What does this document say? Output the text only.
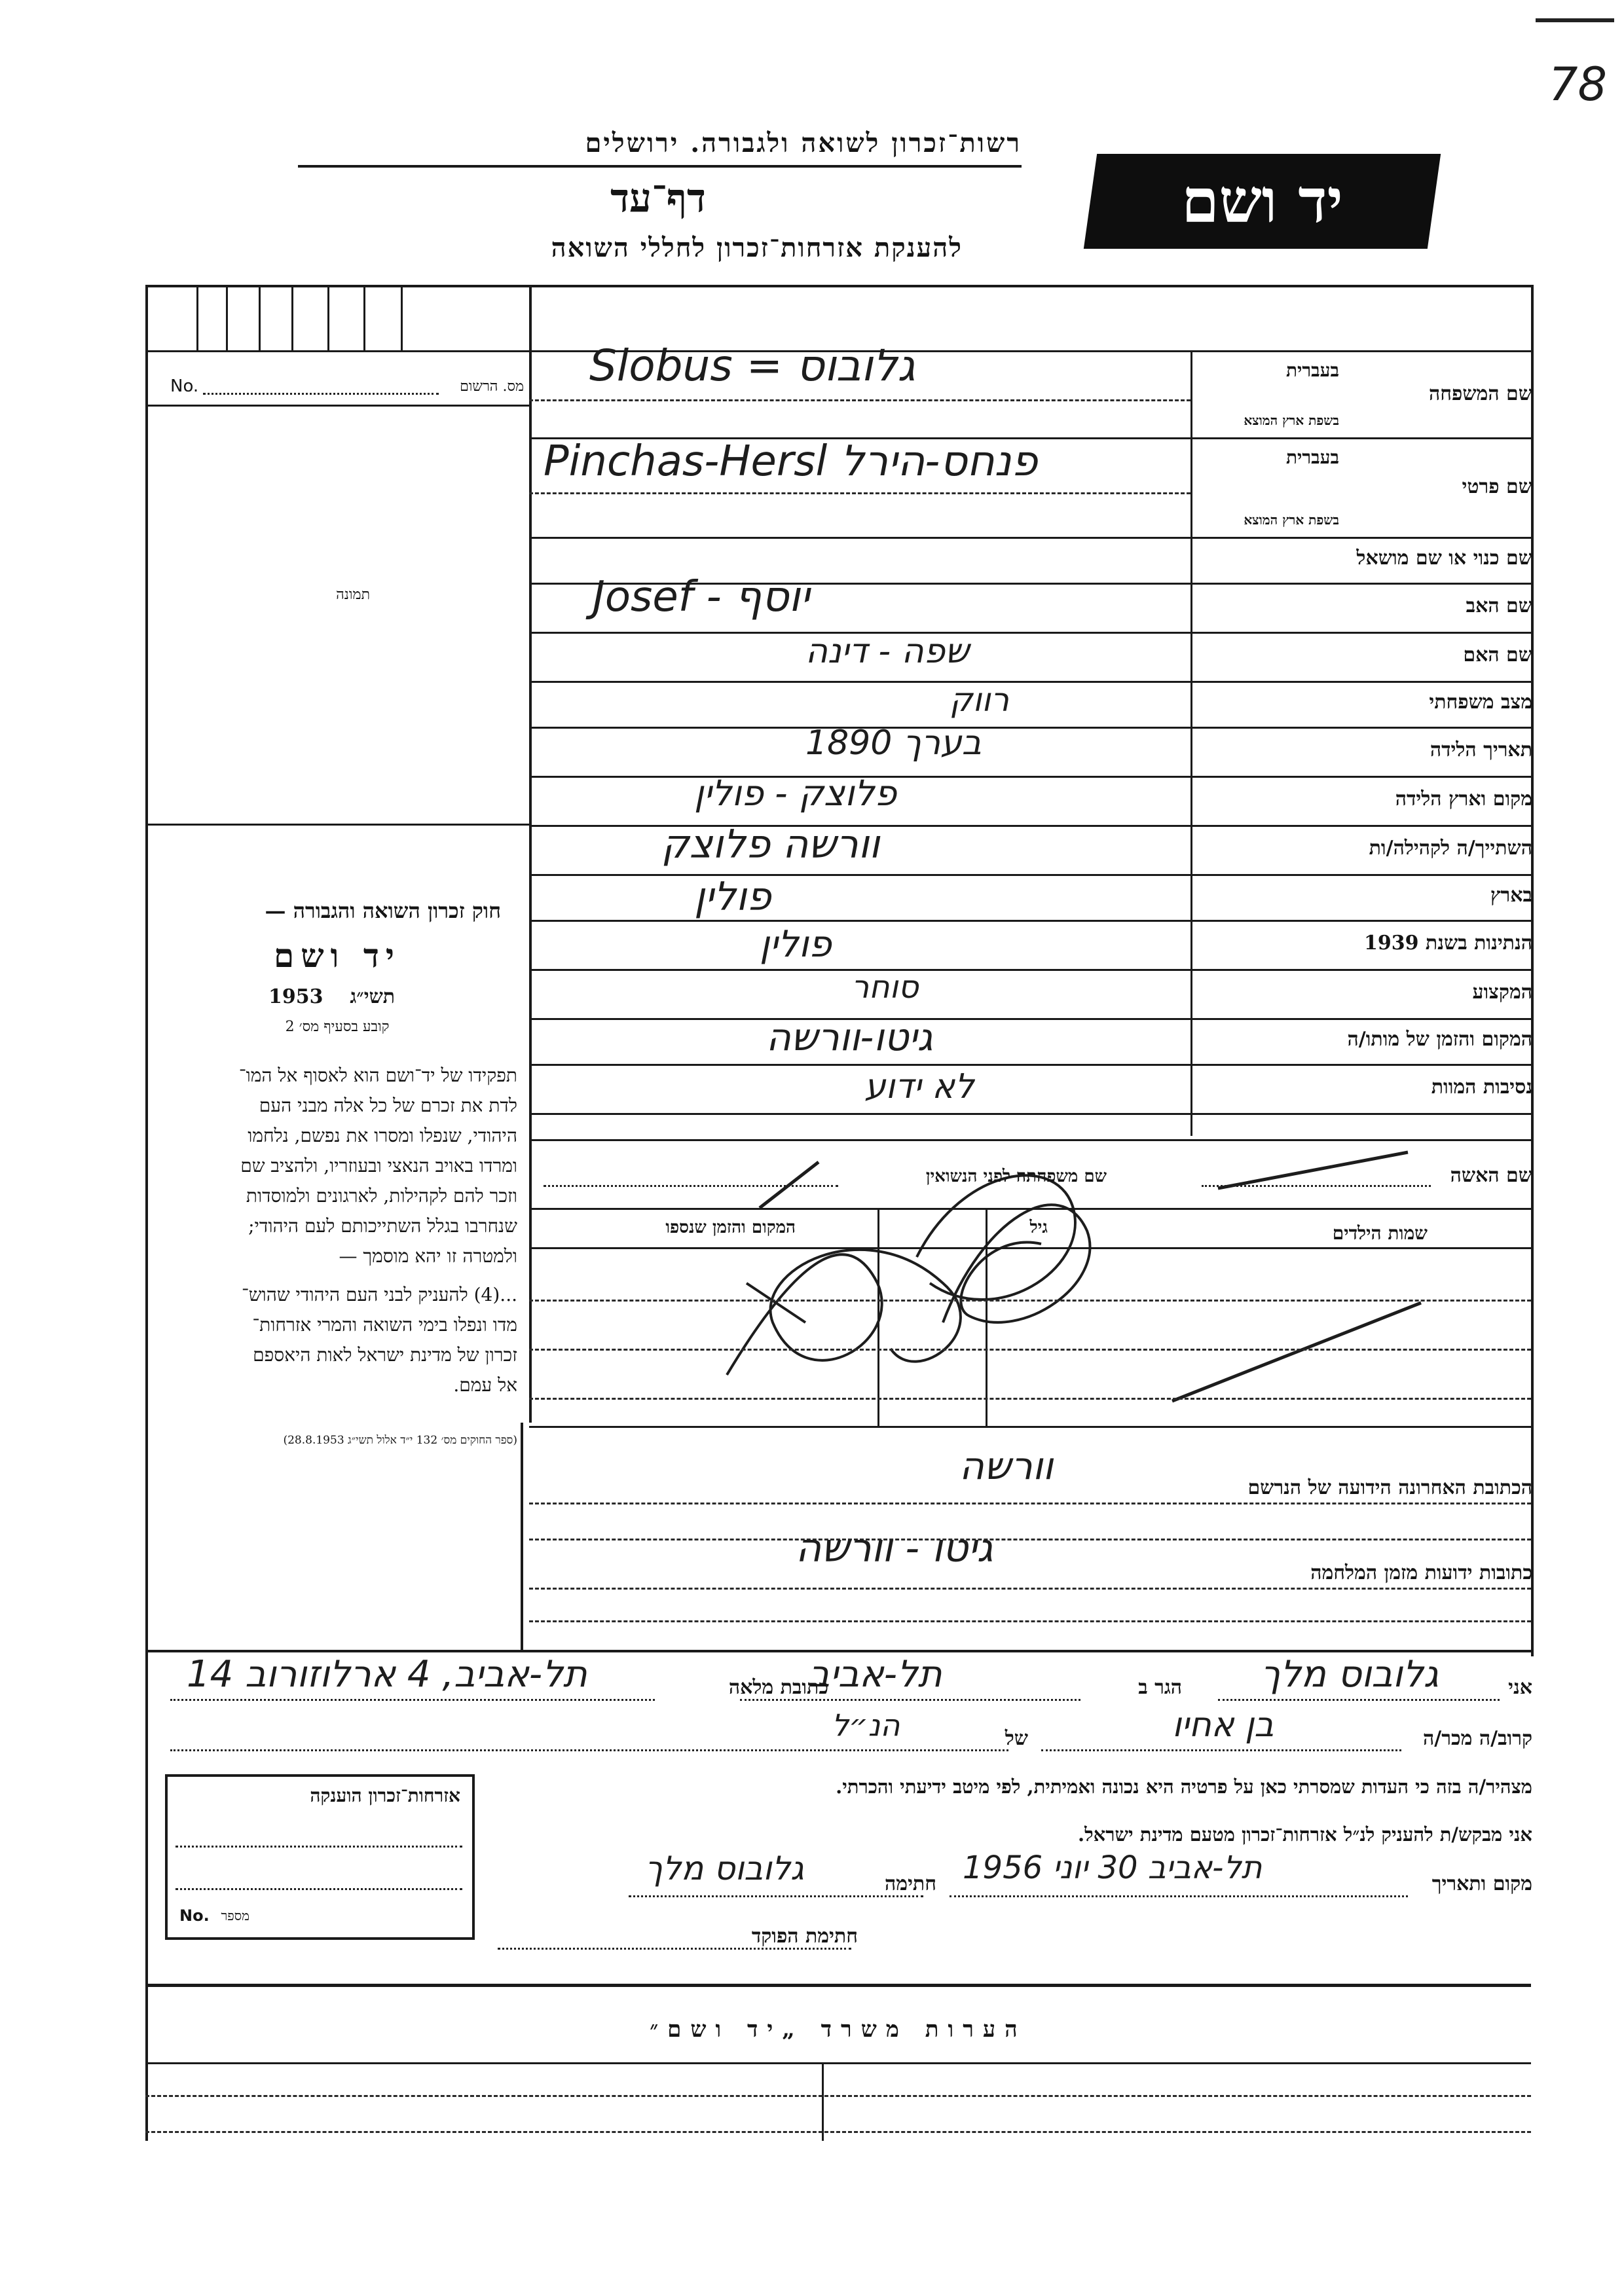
78
רשות־זכרון לשואה ולגבורה. ירושלים
דף־עד
להענקת אזרחות־זכרון לחללי השואה
יד ושם
No.	מס. הרשום
תמונה
חוק זכרון השואה והגבורה —
יד ושם
תשי״ג  1953
קובע בסעיף מס׳ 2
תפקידו של יד־ושם הוא לאסוף אל המו־
לדת את זכרם של כל אלה מבני העם
היהודי, שנפלו ומסרו את נפשם, נלחמו
ומרדו באויב הנאצי ובעוזריו, ולהציב שם
וזכר להם לקהילות, לארגונים ולמוסדות
שנחרבו בגלל השתייכותם לעם היהודי;
ולמטרה זו יהא מוסמך —
...(4) להעניק לבני העם היהודי שהוש־
מדו ונפלו בימי השואה והמרי אזרחות־
זכרון של מדינת ישראל לאות היאספם
אל עמם.
(ספר החוקים מס׳ 132 י״ד אלול תשי״ג 28.8.1953)
בעברית
בשפת ארץ המוצא
שם המשפחה
Slobus = גלובוס
בעברית
בשפת ארץ המוצא
שם פרטי
Pinchas-Hersl פנחס-הירל
שם כנוי או שם מושאל
שם האב
Josef - יוסף
שם האם
שפה - דינה
מצב משפחתי
רווק
תאריך הלידה
1890 בערך
מקום וארץ הלידה
פלוצק - פולין
השתייך/ה לקהילה/ות
וורשה פלוצק
בארץ
פולין
הנתינות בשנת 1939
פולין
המקצוע
סוחר
המקום והזמן של מותו/ה
גיטו-וורשה
נסיבות המוות
לא ידוע
שם האשה
שם משפחתה לפני הנשואין
שמות הילדים
גיל
המקום והזמן שנספו
אזרחות־זכרון הוענקה
No. מספר
הכתובת האחרונה הידועה של הנרשם
וורשה
כתובות ידועות מזמן המלחמה
גיטו - וורשה
אני
גלובוס מלך
הגר ב
תל-אביב
כתובת מלאה
תל-אביב, 4 ארלוזורוב 14
קרוב/ה מכר/ה
בן אחיו
של
הנ״ל
מצהיר/ה בזה כי העדות שמסרתי כאן על פרטיה היא נכונה ואמיתית, לפי מיטב ידיעתי והכרתי.
אני מבקש/ת להעניק לנ״ל אזרחות־זכרון מטעם מדינת ישראל.
מקום ותאריך
תל-אביב 30 יוני 1956
חתימה
גלובוס מלך
חתימת הפוקד
הערות משרד „יד ושם״
